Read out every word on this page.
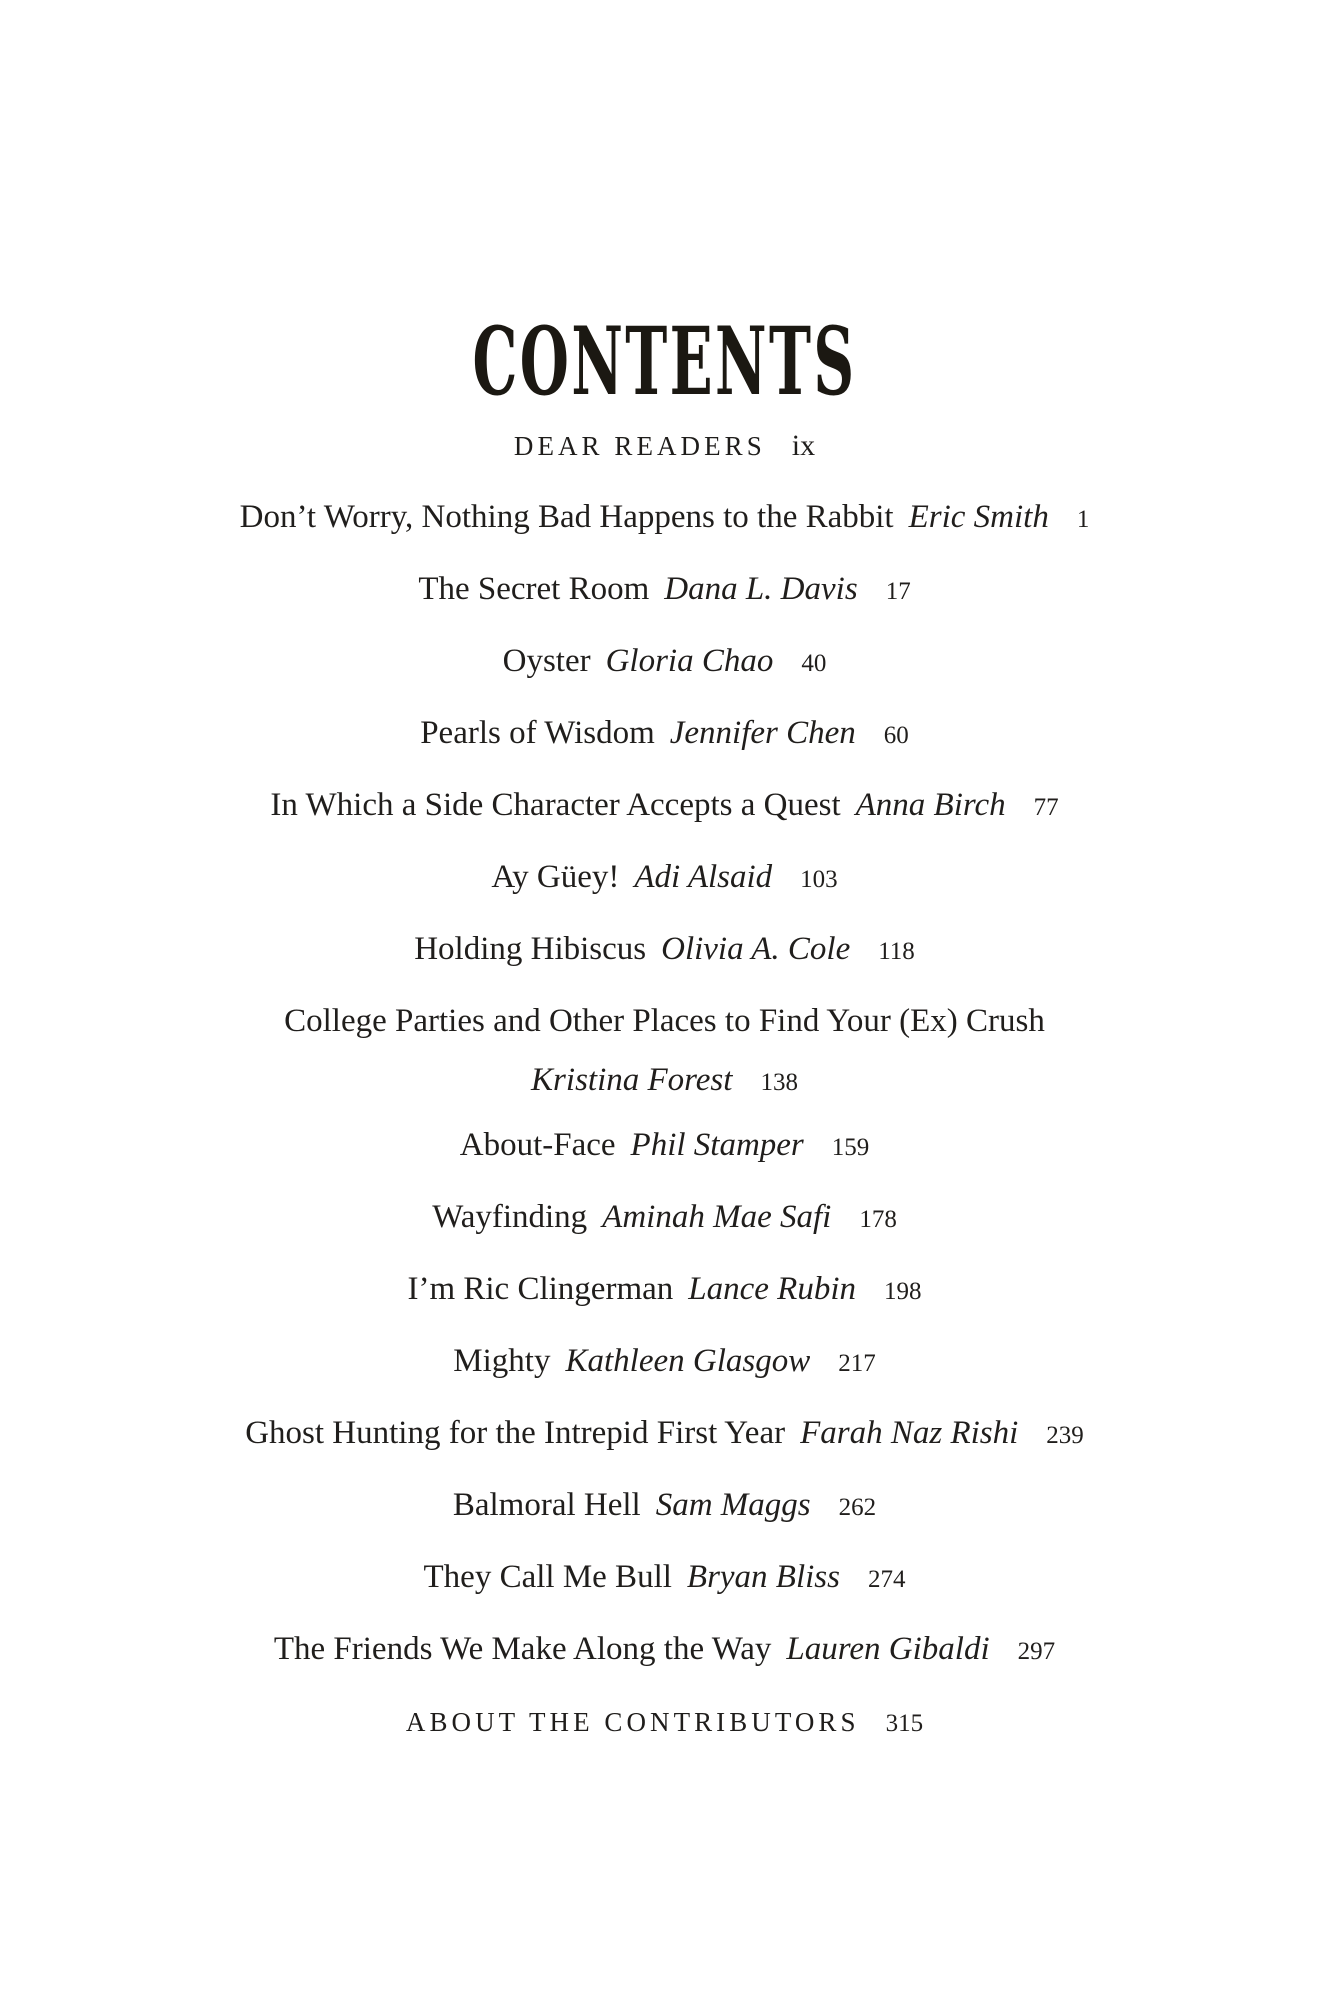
CONTENTS
DEAR READERS ix
Don’t Worry, Nothing Bad Happens to the Rabbit Eric Smith 1
The Secret Room Dana L. Davis 17
Oyster Gloria Chao 40
Pearls of Wisdom Jennifer Chen 60
In Which a Side Character Accepts a Quest Anna Birch 77
Ay Güey! Adi Alsaid 103
Holding Hibiscus Olivia A. Cole 118
College Parties and Other Places to Find Your (Ex) Crush
Kristina Forest 138
About-Face Phil Stamper 159
Wayfinding Aminah Mae Safi 178
I’m Ric Clingerman Lance Rubin 198
Mighty Kathleen Glasgow 217
Ghost Hunting for the Intrepid First Year Farah Naz Rishi 239
Balmoral Hell Sam Maggs 262
They Call Me Bull Bryan Bliss 274
The Friends We Make Along the Way Lauren Gibaldi 297
ABOUT THE CONTRIBUTORS 315
